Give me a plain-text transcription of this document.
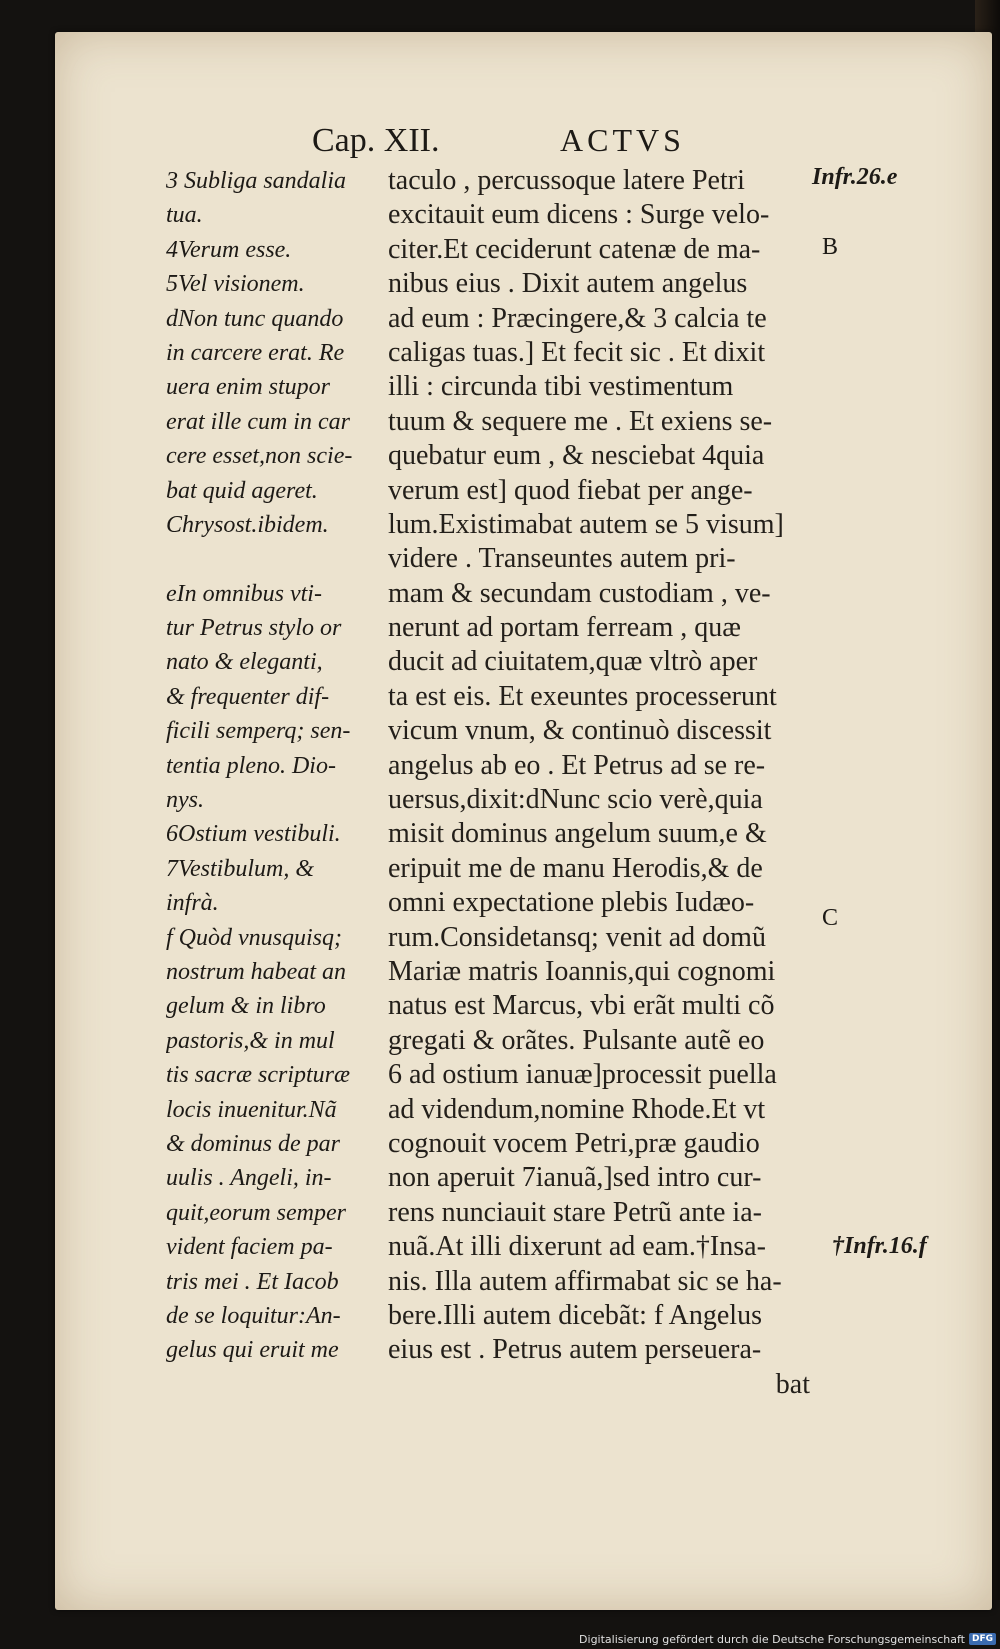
Cap. XII.	ACTVS
3 Subliga sandalia
tua.
4Verum esse.
5Vel visionem.
dNon tunc quando
in carcere erat. Re
uera enim stupor
erat ille cum in car
cere esset,non scie-
bat quid ageret.
Chrysost.ibidem.
eIn omnibus vti-
tur Petrus stylo or
nato & eleganti,
& frequenter dif-
ficili semperq; sen-
tentia pleno. Dio-
nys.
6Ostium vestibuli.
7Vestibulum, &
infrà.
f Quòd vnusquisq;
nostrum habeat an
gelum & in libro
pastoris,& in mul
tis sacræ scripturæ
locis inuenitur.Nã
& dominus de par
uulis . Angeli, in-
quit,eorum semper
vident faciem pa-
tris mei . Et Iacob
de se loquitur:An-
gelus qui eruit me
taculo , percussoque latere Petri
excitauit eum dicens : Surge velo-
citer.Et ceciderunt catenæ de ma-
nibus eius . Dixit autem angelus
ad eum : Præcingere,& 3 calcia te
caligas tuas.] Et fecit sic . Et dixit
illi : circunda tibi vestimentum
tuum & sequere me . Et exiens se-
quebatur eum , & nesciebat 4quia
verum est] quod fiebat per ange-
lum.Existimabat autem se 5 visum]
videre . Transeuntes autem pri-
mam & secundam custodiam , ve-
nerunt ad portam ferream , quæ
ducit ad ciuitatem,quæ vltrò aper
ta est eis. Et exeuntes processerunt
vicum vnum, & continuò discessit
angelus ab eo . Et Petrus ad se re-
uersus,dixit:dNunc scio verè,quia
misit dominus angelum suum,e &
eripuit me de manu Herodis,& de
omni expectatione plebis Iudæo-
rum.Considetansq; venit ad domũ
Mariæ matris Ioannis,qui cognomi
natus est Marcus, vbi erãt multi cõ
gregati & orãtes. Pulsante autẽ eo
6 ad ostium ianuæ]processit puella
ad videndum,nomine Rhode.Et vt
cognouit vocem Petri,præ gaudio
non aperuit 7ianuã,]sed intro cur-
rens nunciauit stare Petrũ ante ia-
nuã.At illi dixerunt ad eam.†Insa-
nis. Illa autem affirmabat sic se ha-
bere.Illi autem dicebãt: f Angelus
eius est . Petrus autem perseuera-
bat
Infr.26.e
B
C
†Infr.16.f
Digitalisierung gefördert durch die Deutsche Forschungsgemeinschaft DFG
